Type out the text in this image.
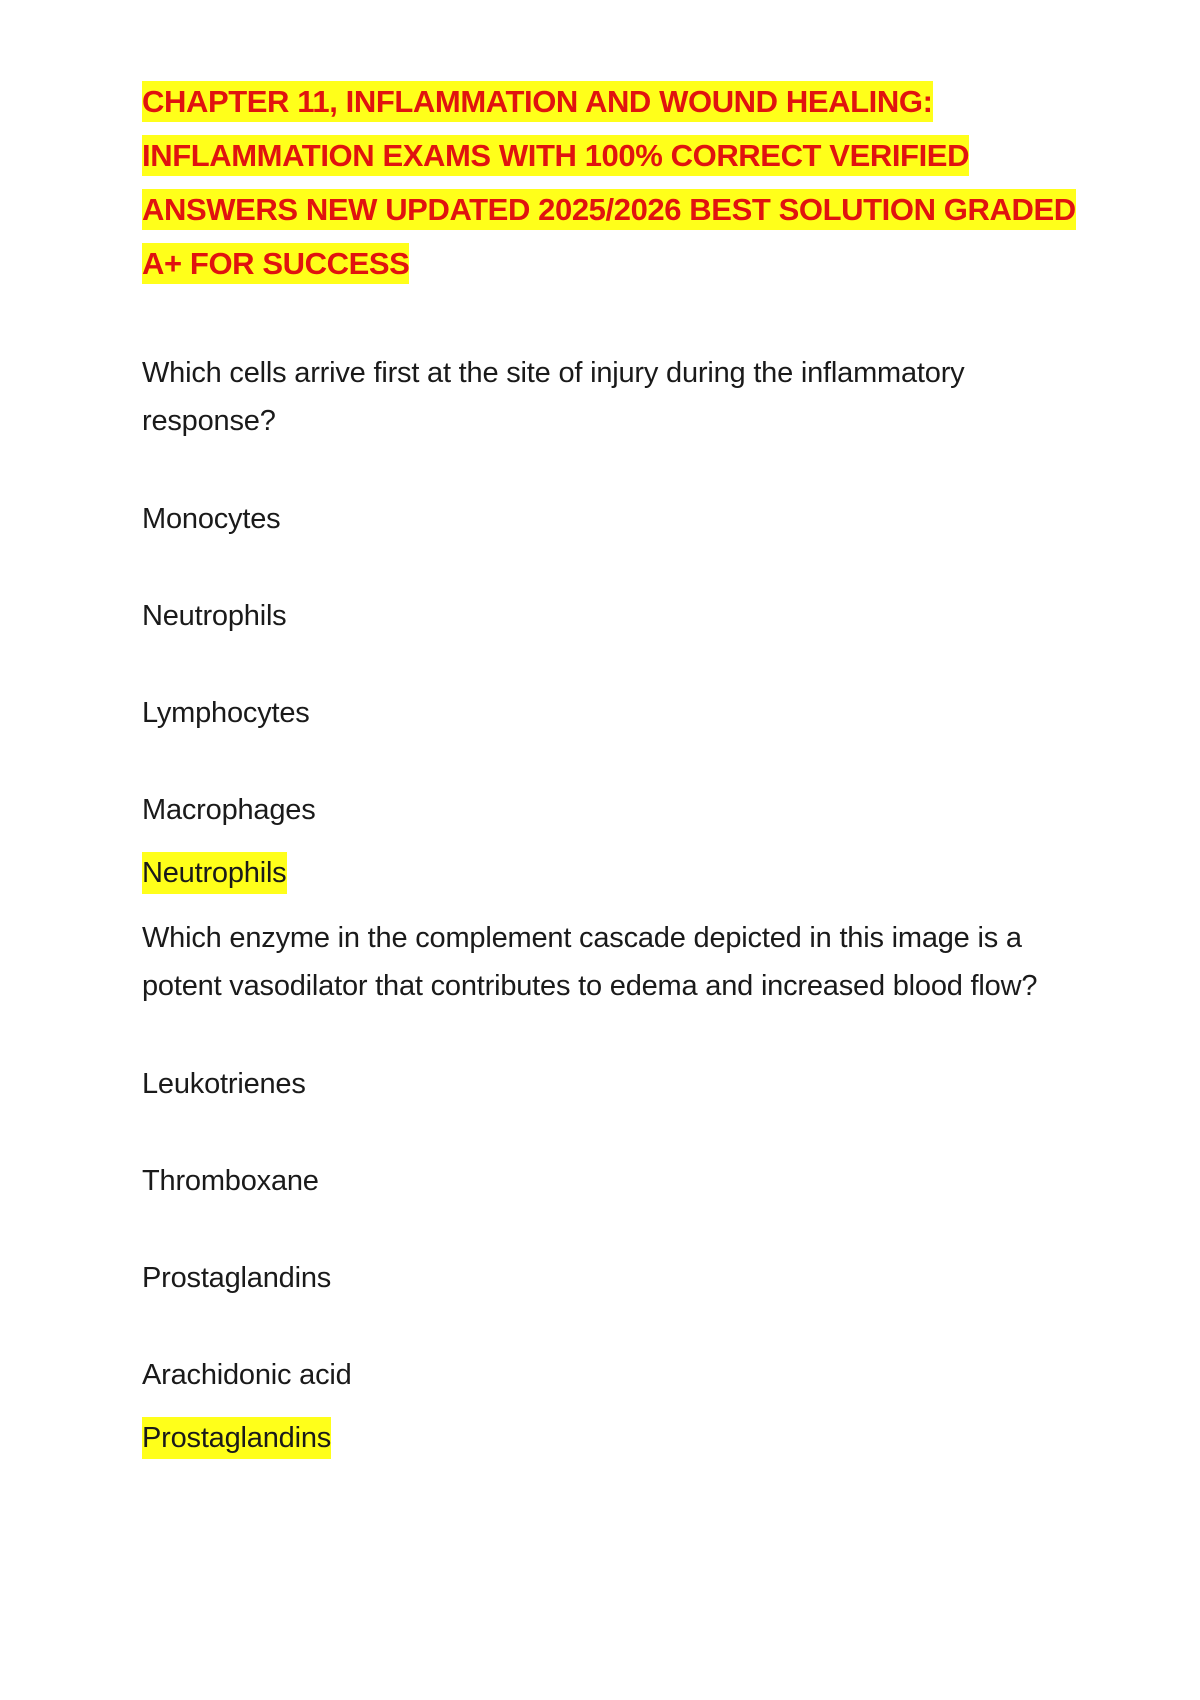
CHAPTER 11, INFLAMMATION AND WOUND HEALING: INFLAMMATION EXAMS WITH 100% CORRECT VERIFIED ANSWERS NEW UPDATED 2025/2026 BEST SOLUTION GRADED A+ FOR SUCCESS

Which cells arrive first at the site of injury during the inflammatory response?

Monocytes
Neutrophils
Lymphocytes
Macrophages
Neutrophils

Which enzyme in the complement cascade depicted in this image is a potent vasodilator that contributes to edema and increased blood flow?

Leukotrienes
Thromboxane
Prostaglandins
Arachidonic acid
Prostaglandins
